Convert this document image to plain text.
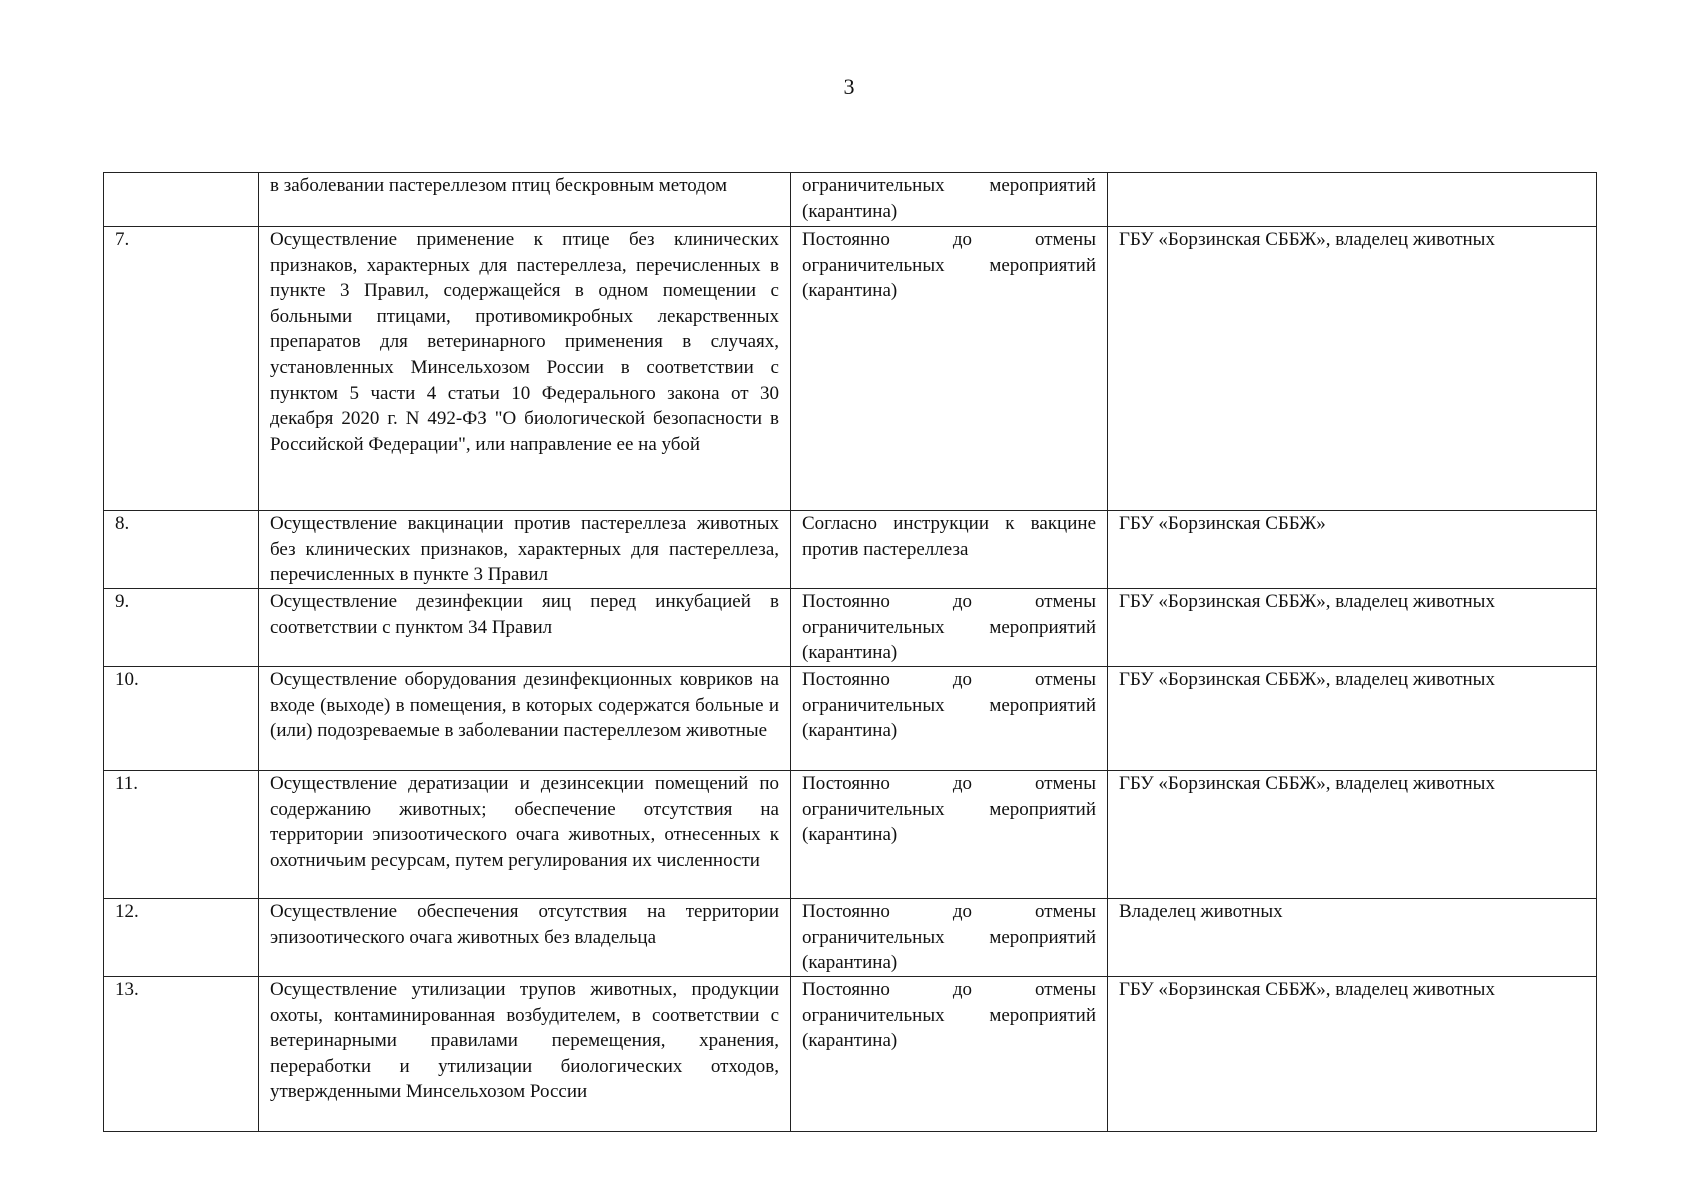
3
	в заболевании пастереллезом птиц бескровным методом	ограничительных мероприятий (карантина)	
7.	Осуществление применение к птице без клинических признаков, характерных для пастереллеза, перечисленных в пункте 3 Правил, содержащейся в одном помещении с больными птицами, противомикробных лекарственных препаратов для ветеринарного применения в случаях, установленных Минсельхозом России в соответствии с пунктом 5 части 4 статьи 10 Федерального закона от 30 декабря 2020 г. N 492-ФЗ "О биологической безопасности в Российской Федерации", или направление ее на убой	Постоянно до отмены ограничительных мероприятий (карантина)	ГБУ «Борзинская СББЖ», владелец животных
8.	Осуществление вакцинации против пастереллеза животных без клинических признаков, характерных для пастереллеза, перечисленных в пункте 3 Правил	Согласно инструкции к вакцине против пастереллеза	ГБУ «Борзинская СББЖ»
9.	Осуществление дезинфекции яиц перед инкубацией в соответствии с пунктом 34 Правил	Постоянно до отмены ограничительных мероприятий (карантина)	ГБУ «Борзинская СББЖ», владелец животных
10.	Осуществление оборудования дезинфекционных ковриков на входе (выходе) в помещения, в которых содержатся больные и (или) подозреваемые в заболевании пастереллезом животные	Постоянно до отмены ограничительных мероприятий (карантина)	ГБУ «Борзинская СББЖ», владелец животных
11.	Осуществление дератизации и дезинсекции помещений по содержанию животных; обеспечение отсутствия на территории эпизоотического очага животных, отнесенных к охотничьим ресурсам, путем регулирования их численности	Постоянно до отмены ограничительных мероприятий (карантина)	ГБУ «Борзинская СББЖ», владелец животных
12.	Осуществление обеспечения отсутствия на территории эпизоотического очага животных без владельца	Постоянно до отмены ограничительных мероприятий (карантина)	Владелец животных
13.	Осуществление утилизации трупов животных, продукции охоты, контаминированная возбудителем, в соответствии с ветеринарными правилами перемещения, хранения, переработки и утилизации биологических отходов, утвержденными Минсельхозом России	Постоянно до отмены ограничительных мероприятий (карантина)	ГБУ «Борзинская СББЖ», владелец животных
